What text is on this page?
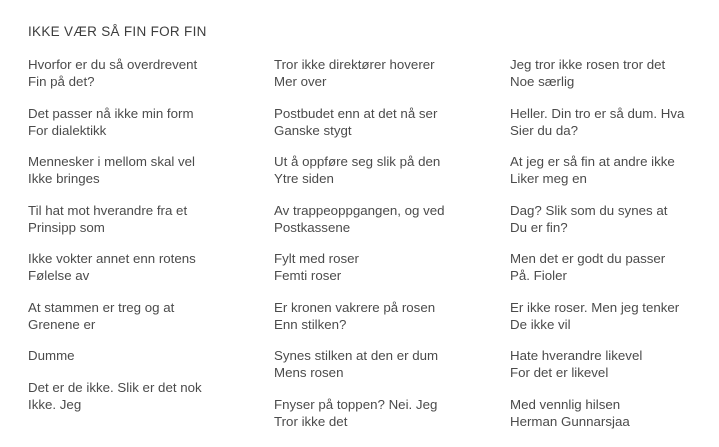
IKKE VÆR SÅ FIN FOR FIN
Hvorfor er du så overdrevent
Fin på det?
Det passer nå ikke min form
For dialektikk
Mennesker i mellom skal vel
Ikke bringes
Til hat mot hverandre fra et
Prinsipp som
Ikke vokter annet enn rotens
Følelse av
At stammen er treg og at
Grenene er
Dumme
Det er de ikke. Slik er det nok
Ikke. Jeg
Tror ikke direktører hoverer
Mer over
Postbudet enn at det nå ser
Ganske stygt
Ut å oppføre seg slik på den
Ytre siden
Av trappeoppgangen, og ved
Postkassene
Fylt med roser
Femti roser
Er kronen vakrere på rosen
Enn stilken?
Synes stilken at den er dum
Mens rosen
Fnyser på toppen? Nei. Jeg
Tror ikke det
Jeg tror ikke rosen tror det
Noe særlig
Heller. Din tro er så dum. Hva
Sier du da?
At jeg er så fin at andre ikke
Liker meg en
Dag? Slik som du synes at
Du er fin?
Men det er godt du passer
På. Fioler
Er ikke roser. Men jeg tenker
De ikke vil
Hate hverandre likevel
For det er likevel
Med vennlig hilsen
Herman Gunnarsjaa
